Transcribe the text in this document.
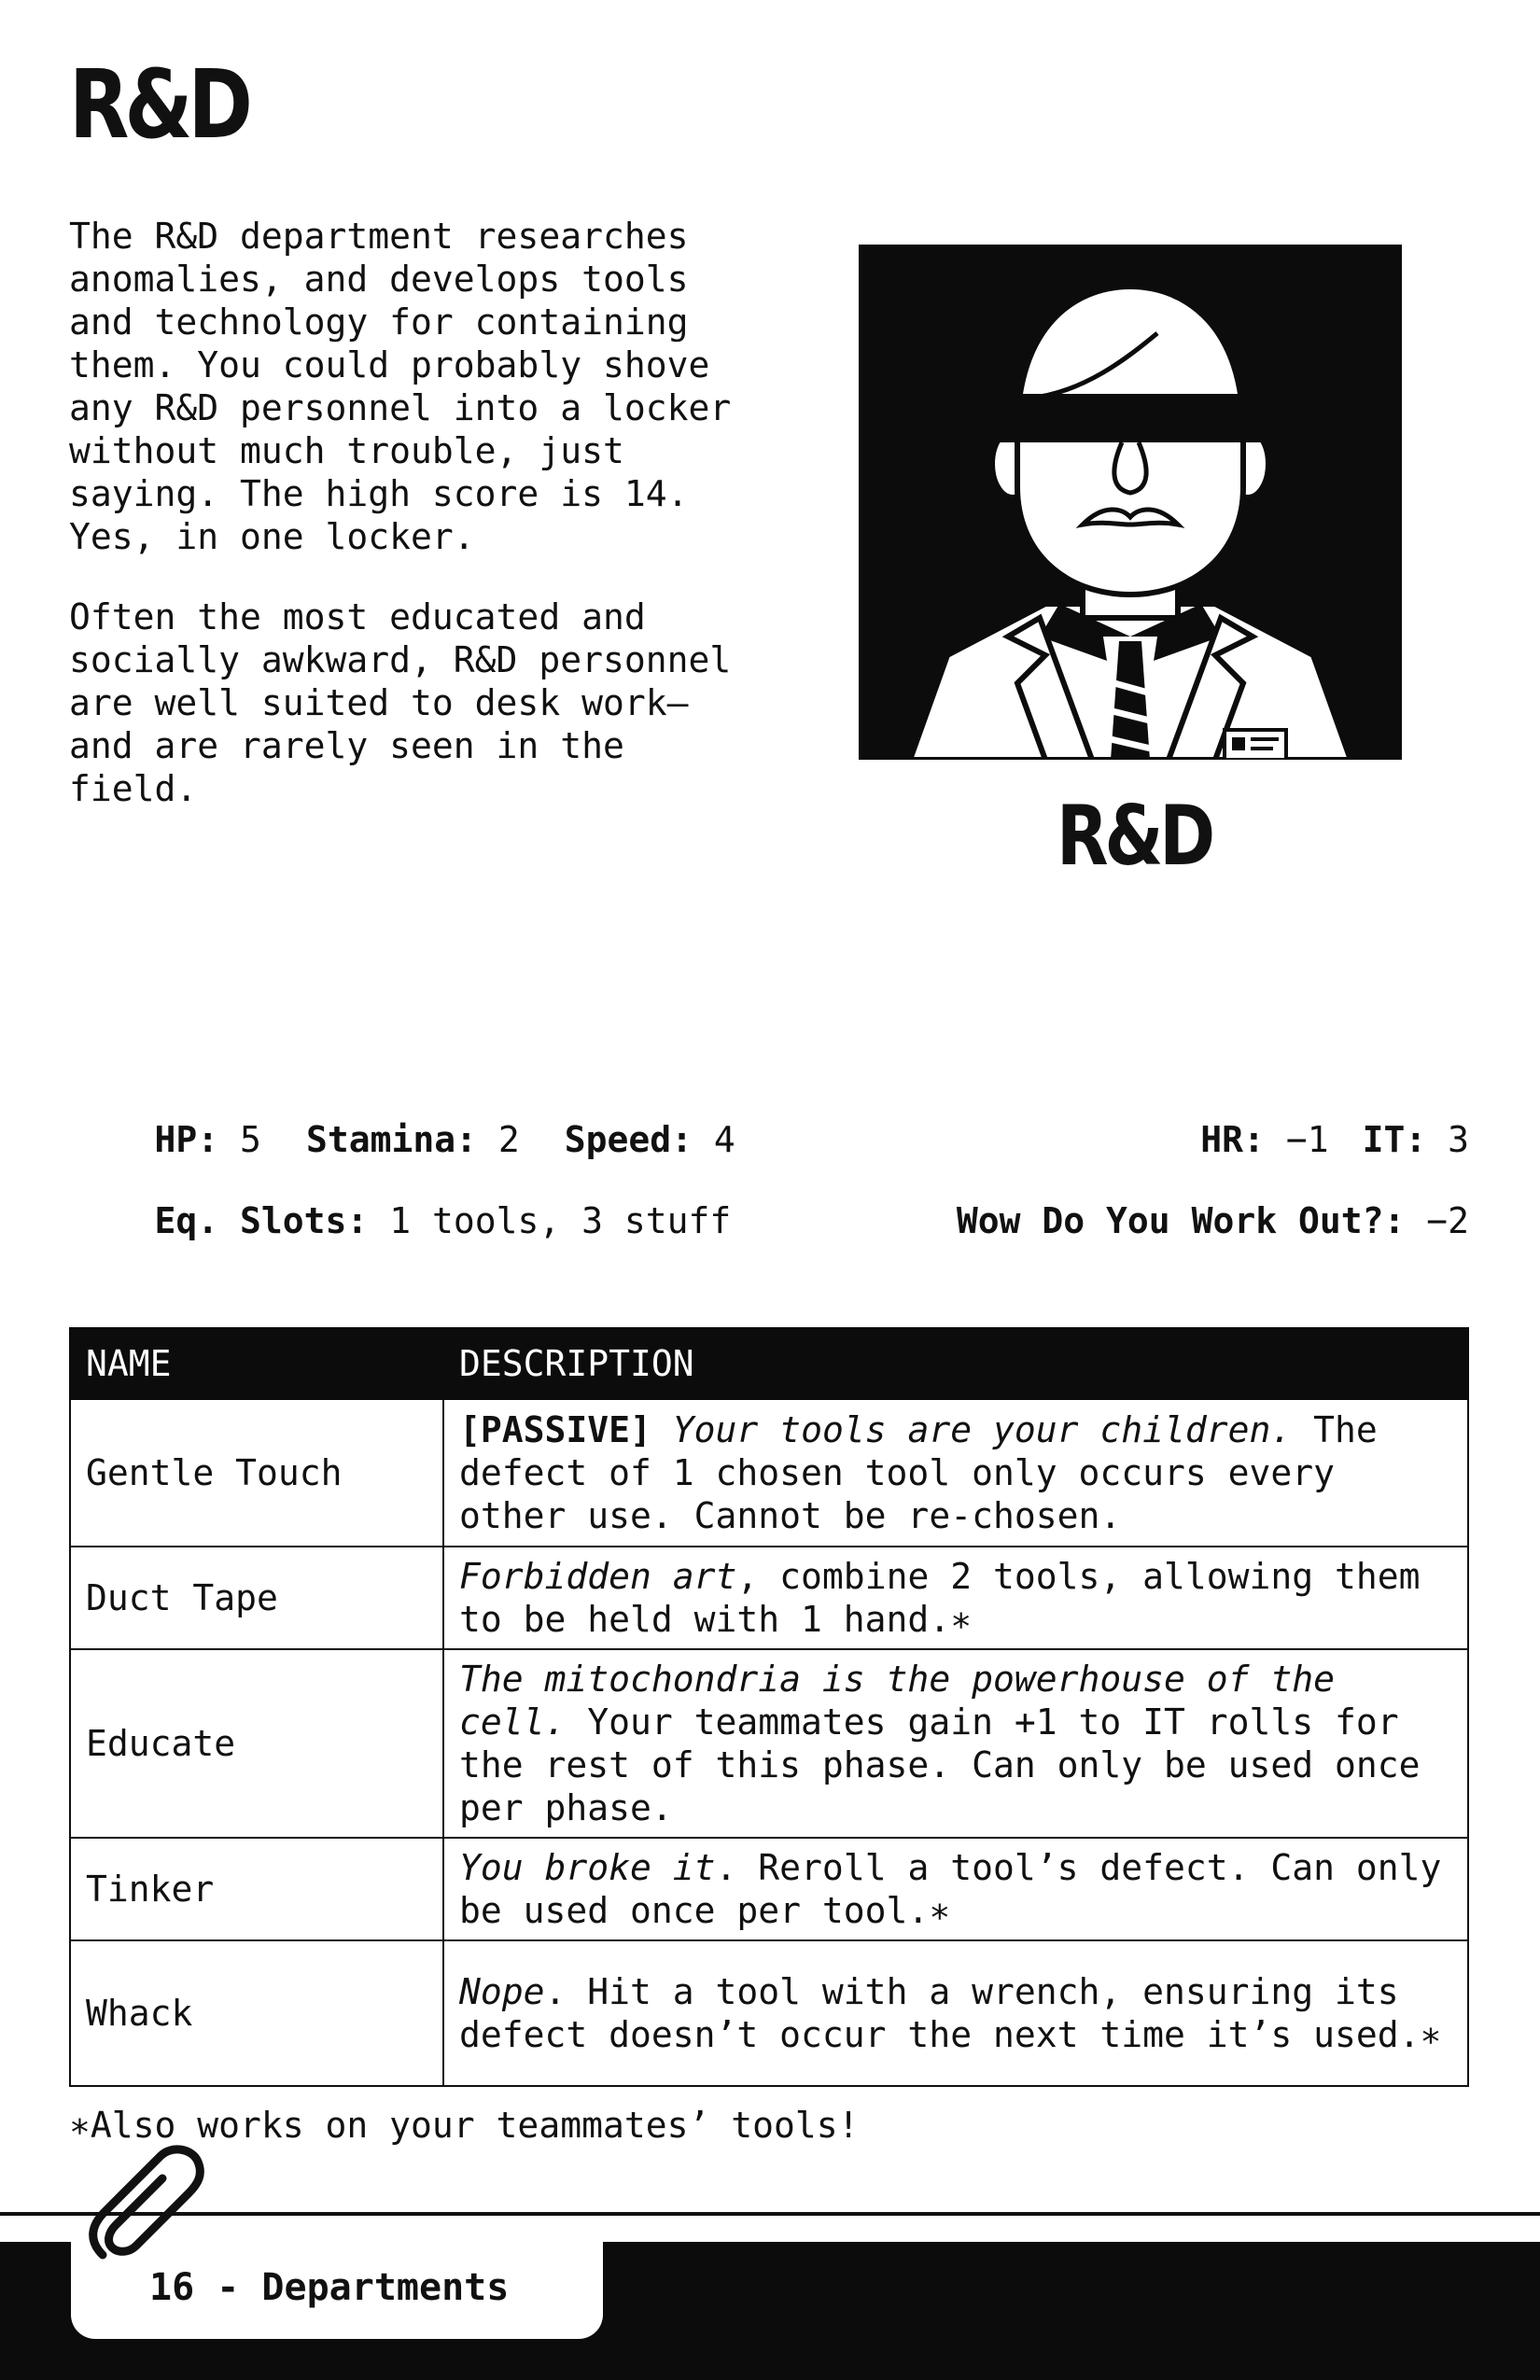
R&D

The R&D department researches anomalies, and develops tools and technology for containing them. You could probably shove any R&D personnel into a locker without much trouble, just saying. The high score is 14. Yes, in one locker.

Often the most educated and socially awkward, R&D personnel are well suited to desk work— and are rarely seen in the field.	R&D

HP: 5 Stamina: 2 Speed: 4
	HR: −1 IT: 3

Eq. Slots: 1 tools, 3 stuff
	Wow Do You Work Out?: −2

NAME	DESCRIPTION
Gentle Touch	[PASSIVE] Your tools are your children. The defect of 1 chosen tool only occurs every other use. Cannot be re-chosen.
Duct Tape	Forbidden art, combine 2 tools, allowing them to be held with 1 hand.∗
Educate	The mitochondria is the powerhouse of the cell. Your teammates gain +1 to IT rolls for the rest of this phase. Can only be used once per phase.
Tinker	You broke it. Reroll a tool’s defect. Can only be used once per tool.∗
Whack	Nope. Hit a tool with a wrench, ensuring its defect doesn’t occur the next time it’s used.∗
∗Also works on your teammates’ tools!

16 - Departments
